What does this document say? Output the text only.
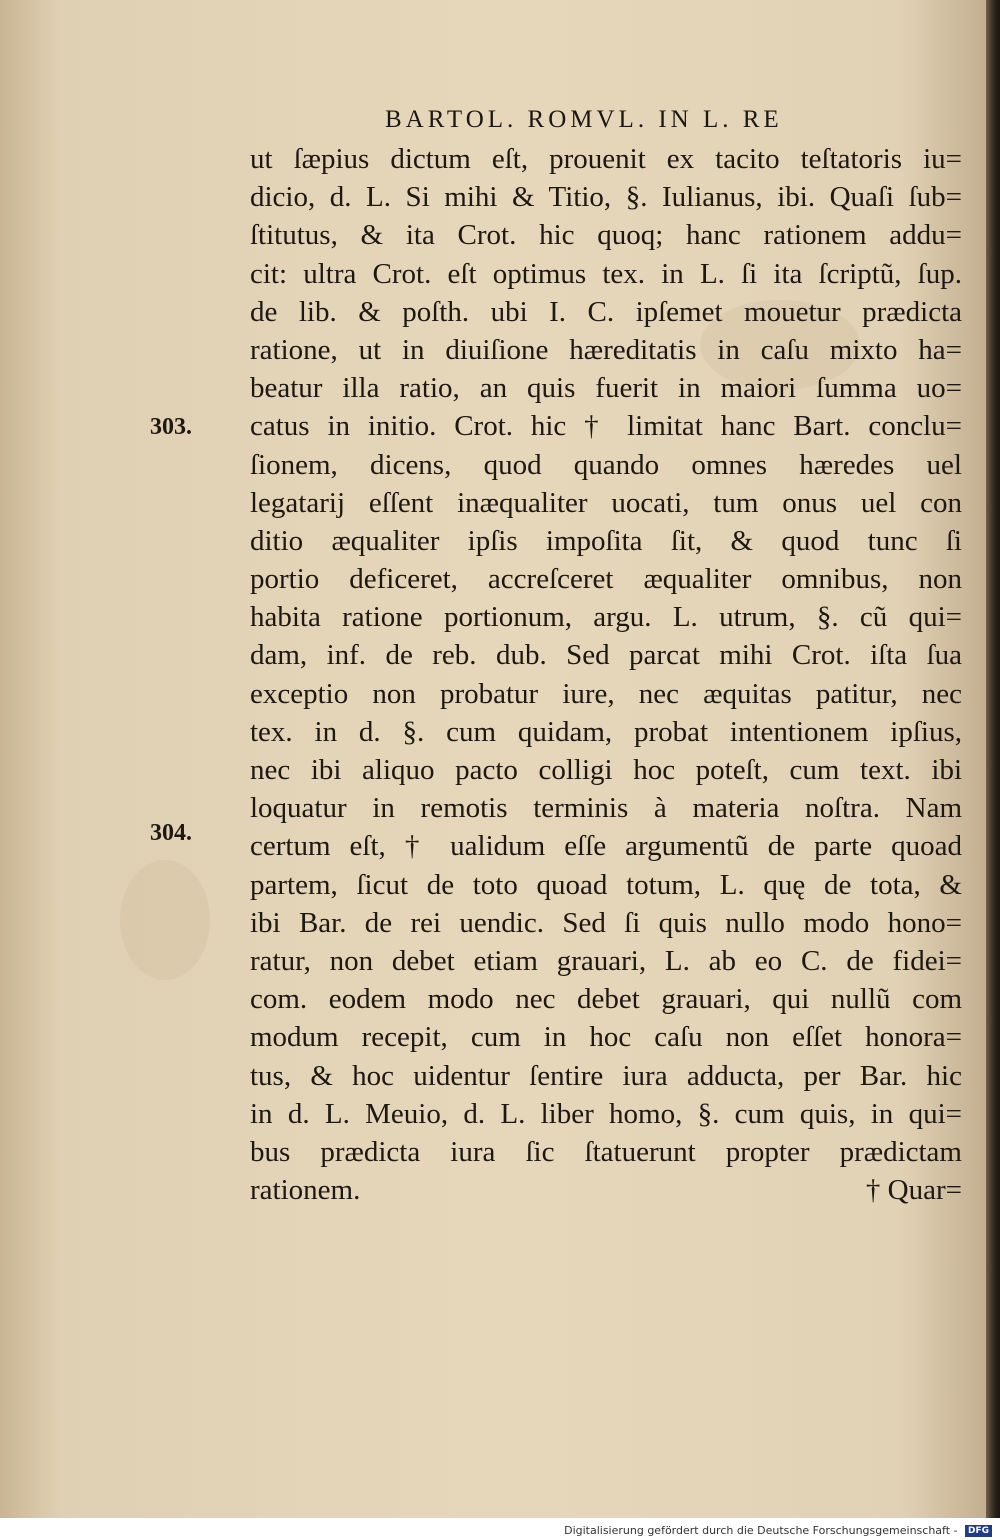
BARTOL. ROMVL. IN L. RE
303.
304.
ut ſæpius dictum eſt, prouenit ex tacito teſtatoris iu=
dicio, d. L. Si mihi & Titio, §. Iulianus, ibi. Quaſi ſub=
ſtitutus, & ita Crot. hic quoq; hanc rationem addu=
cit: ultra Crot. eſt optimus tex. in L. ſi ita ſcriptũ, ſup.
de lib. & poſth. ubi I. C. ipſemet mouetur prædicta
ratione, ut in diuiſione hæreditatis in caſu mixto ha=
beatur illa ratio, an quis fuerit in maiori ſumma uo=
catus in initio. Crot. hic † limitat hanc Bart. conclu=
ſionem, dicens, quod quando omnes hæredes uel
legatarij eſſent inæqualiter uocati, tum onus uel con
ditio æqualiter ipſis impoſita ſit, & quod tunc ſi
portio deficeret, accreſceret æqualiter omnibus, non
habita ratione portionum, argu. L. utrum, §. cũ qui=
dam, inf. de reb. dub. Sed parcat mihi Crot. iſta ſua
exceptio non probatur iure, nec æquitas patitur, nec
tex. in d. §. cum quidam, probat intentionem ipſius,
nec ibi aliquo pacto colligi hoc poteſt, cum text. ibi
loquatur in remotis terminis à materia noſtra. Nam
certum eſt, † ualidum eſſe argumentũ de parte quoad
partem, ſicut de toto quoad totum, L. quę de tota, &
ibi Bar. de rei uendic. Sed ſi quis nullo modo hono=
ratur, non debet etiam grauari, L. ab eo C. de fidei=
com. eodem modo nec debet grauari, qui nullũ com
modum recepit, cum in hoc caſu non eſſet honora=
tus, & hoc uidentur ſentire iura adducta, per Bar. hic
in d. L. Meuio, d. L. liber homo, §. cum quis, in qui=
bus prædicta iura ſic ſtatuerunt propter prædictam
rationem.	† Quar=
Digitalisierung gefördert durch die Deutsche Forschungsgemeinschaft - DFG
